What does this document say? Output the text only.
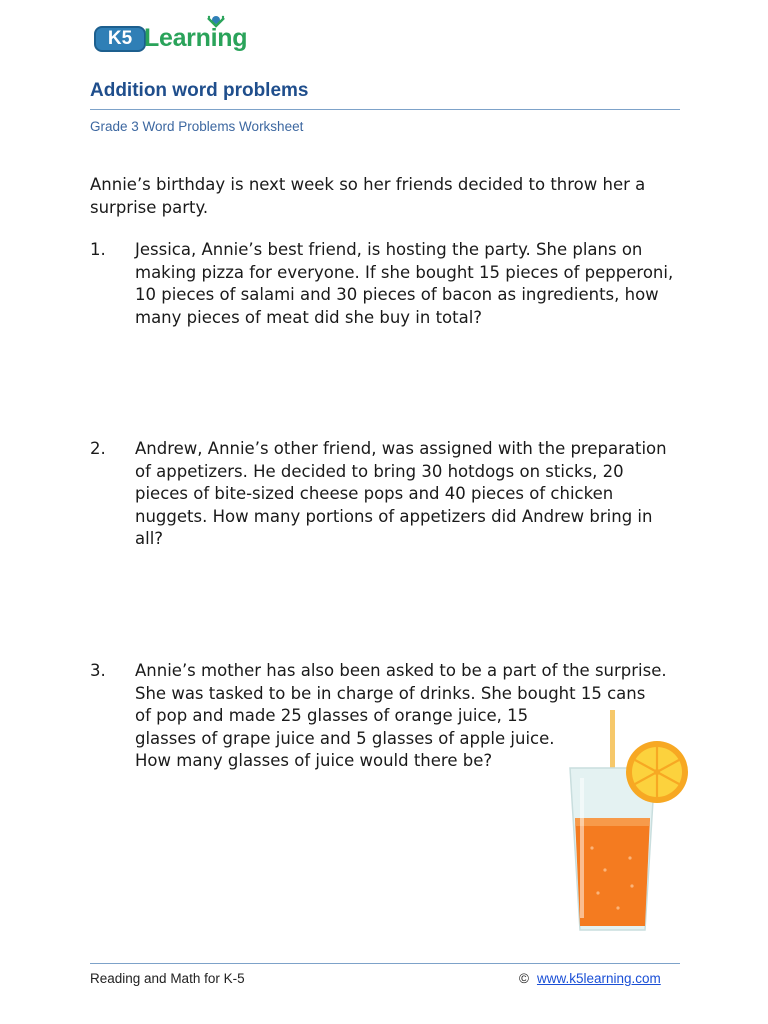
K5 Learning
Addition word problems
Grade 3 Word Problems Worksheet
Annie’s birthday is next week so her friends decided to throw her a surprise party.
1. Jessica, Annie’s best friend, is hosting the party. She plans on making pizza for everyone. If she bought 15 pieces of pepperoni, 10 pieces of salami and 30 pieces of bacon as ingredients, how many pieces of meat did she buy in total?
2. Andrew, Annie’s other friend, was assigned with the preparation of appetizers. He decided to bring 30 hotdogs on sticks, 20 pieces of bite-sized cheese pops and 40 pieces of chicken nuggets. How many portions of appetizers did Andrew bring in all?
3. Annie’s mother has also been asked to be a part of the surprise.
She was tasked to be in charge of drinks. She bought 15 cans
of pop and made 25 glasses of orange juice, 15
glasses of grape juice and 5 glasses of apple juice.
How many glasses of juice would there be?
Reading and Math for K-5	© www.k5learning.com
